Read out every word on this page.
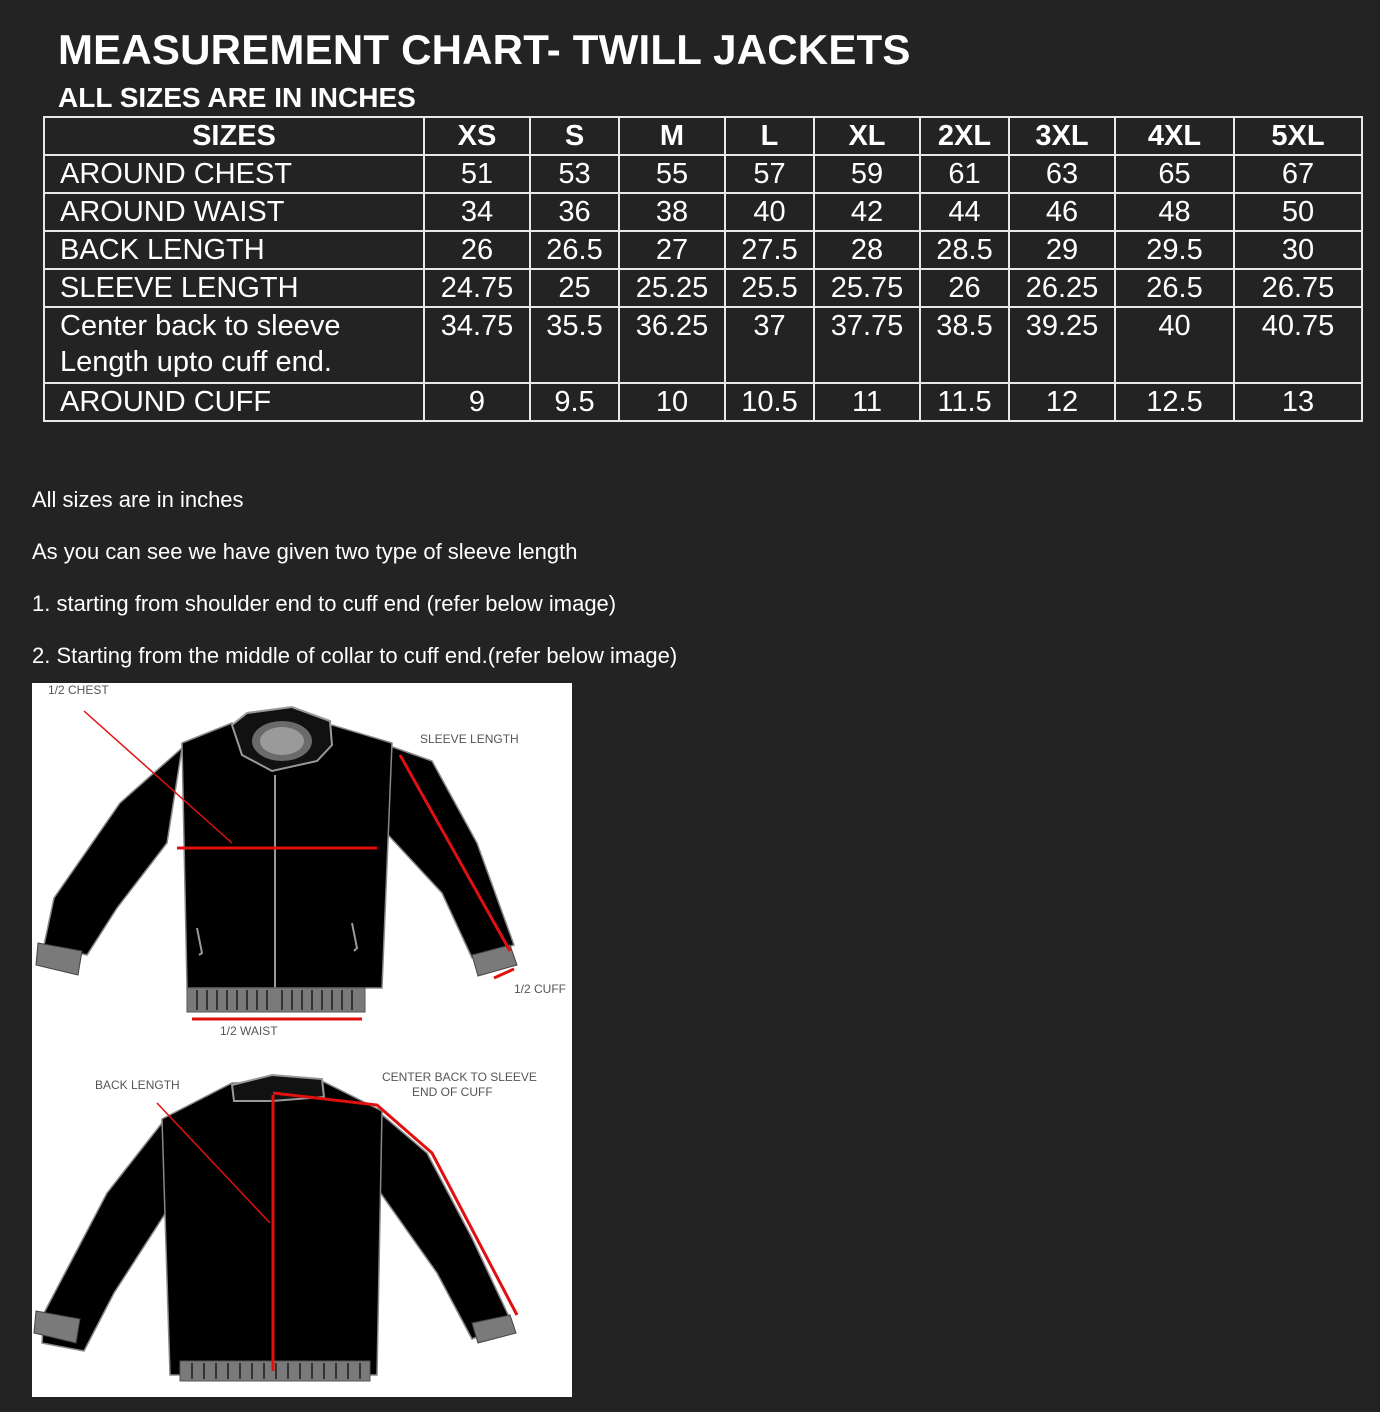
MEASUREMENT CHART- TWILL JACKETS
ALL SIZES ARE IN INCHES
SIZES	XS	S	M	L	XL	2XL	3XL	4XL	5XL
AROUND CHEST	51	53	55	57	59	61	63	65	67
AROUND WAIST	34	36	38	40	42	44	46	48	50
BACK LENGTH	26	26.5	27	27.5	28	28.5	29	29.5	30
SLEEVE LENGTH	24.75	25	25.25	25.5	25.75	26	26.25	26.5	26.75
Center back to sleeve Length upto cuff end.	34.75	35.5	36.25	37	37.75	38.5	39.25	40	40.75
AROUND CUFF	9	9.5	10	10.5	11	11.5	12	12.5	13

All sizes are in inches

As you can see we have given two type of sleeve length

1. starting from shoulder end to cuff end (refer below image)

2. Starting from the middle of collar to cuff end.(refer below image)

1/2 CHEST
SLEEVE LENGTH
1/2 CUFF
1/2 WAIST
BACK LENGTH
CENTER BACK TO SLEEVE
END OF CUFF
